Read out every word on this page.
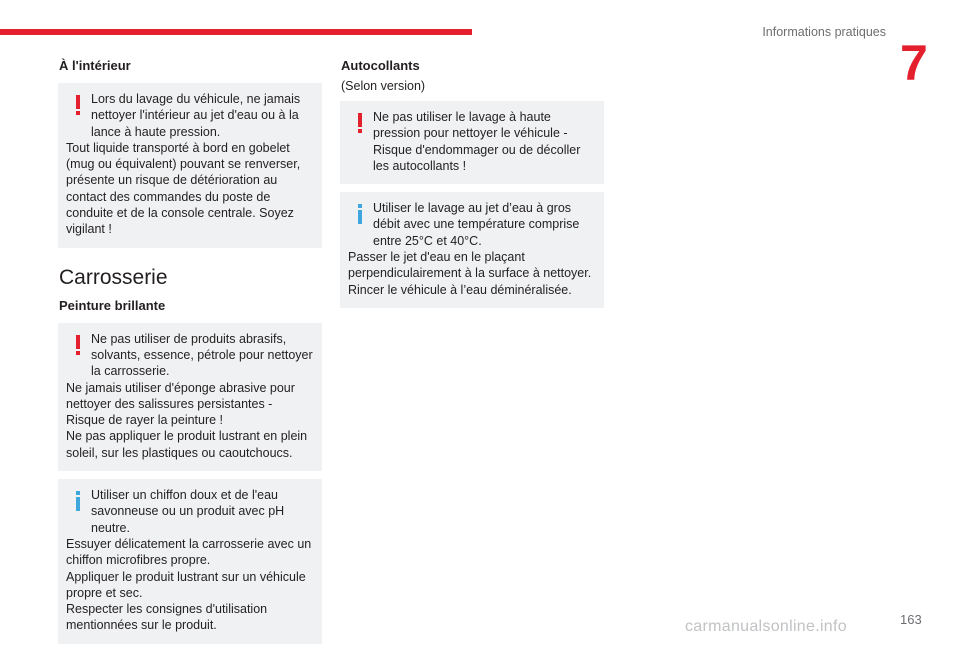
Informations pratiques
7
À l'intérieur
Lors du lavage du véhicule, ne jamais nettoyer l'intérieur au jet d'eau ou à la lance à haute pression.
Tout liquide transporté à bord en gobelet (mug ou équivalent) pouvant se renverser, présente un risque de détérioration au contact des commandes du poste de conduite et de la console centrale. Soyez vigilant !
Carrosserie
Peinture brillante
Ne pas utiliser de produits abrasifs, solvants, essence, pétrole pour nettoyer la carrosserie.
Ne jamais utiliser d'éponge abrasive pour nettoyer des salissures persistantes - Risque de rayer la peinture !
Ne pas appliquer le produit lustrant en plein soleil, sur les plastiques ou caoutchoucs.
Utiliser un chiffon doux et de l'eau savonneuse ou un produit avec pH neutre.
Essuyer délicatement la carrosserie avec un chiffon microfibres propre.
Appliquer le produit lustrant sur un véhicule propre et sec.
Respecter les consignes d'utilisation mentionnées sur le produit.
Autocollants
(Selon version)
Ne pas utiliser le lavage à haute pression pour nettoyer le véhicule - Risque d'endommager ou de décoller les autocollants !
Utiliser le lavage au jet d’eau à gros débit avec une température comprise entre 25°C et 40°C.
Passer le jet d'eau en le plaçant perpendiculairement à la surface à nettoyer.
Rincer le véhicule à l’eau déminéralisée.
carmanualsonline.info	163
